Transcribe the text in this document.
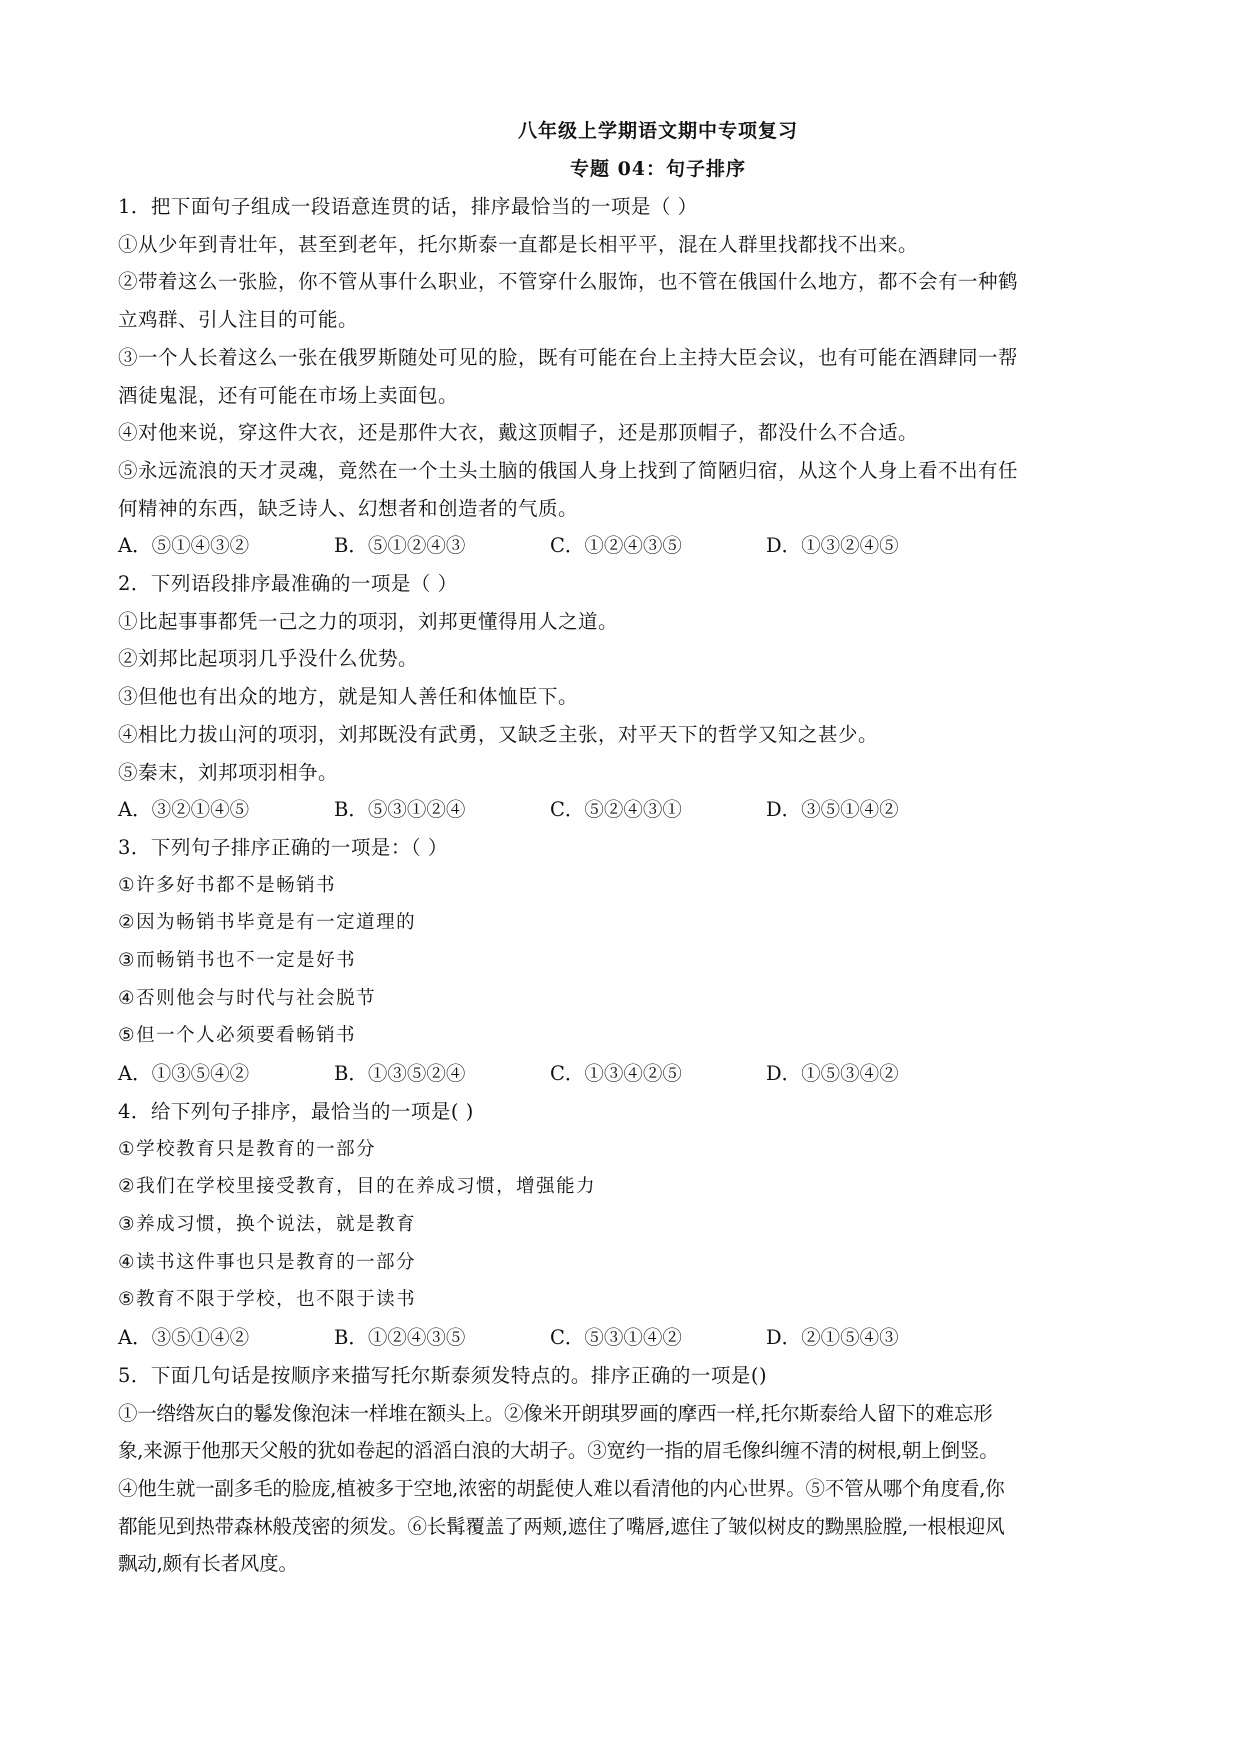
八年级上学期语文期中专项复习
专题 04：句子排序
1．把下面句子组成一段语意连贯的话，排序最恰当的一项是（ ）
①从少年到青壮年，甚至到老年，托尔斯泰一直都是长相平平，混在人群里找都找不出来。
②带着这么一张脸，你不管从事什么职业，不管穿什么服饰，也不管在俄国什么地方，都不会有一种鹤
立鸡群、引人注目的可能。
③一个人长着这么一张在俄罗斯随处可见的脸，既有可能在台上主持大臣会议，也有可能在酒肆同一帮
酒徒鬼混，还有可能在市场上卖面包。
④对他来说，穿这件大衣，还是那件大衣，戴这顶帽子，还是那顶帽子，都没什么不合适。
⑤永远流浪的天才灵魂，竟然在一个土头土脑的俄国人身上找到了简陋归宿，从这个人身上看不出有任
何精神的东西，缺乏诗人、幻想者和创造者的气质。
A．⑤①④③②	B．⑤①②④③	C．①②④③⑤	D．①③②④⑤
2．下列语段排序最准确的一项是（ ）
①比起事事都凭一己之力的项羽，刘邦更懂得用人之道。
②刘邦比起项羽几乎没什么优势。
③但他也有出众的地方，就是知人善任和体恤臣下。
④相比力拔山河的项羽，刘邦既没有武勇，又缺乏主张，对平天下的哲学又知之甚少。
⑤秦末，刘邦项羽相争。
A．③②①④⑤	B．⑤③①②④	C．⑤②④③①	D．③⑤①④②
3．下列句子排序正确的一项是：（ ）
①许多好书都不是畅销书
②因为畅销书毕竟是有一定道理的
③而畅销书也不一定是好书
④否则他会与时代与社会脱节
⑤但一个人必须要看畅销书
A．①③⑤④②	B．①③⑤②④	C．①③④②⑤	D．①⑤③④②
4．给下列句子排序，最恰当的一项是( )
①学校教育只是教育的一部分
②我们在学校里接受教育，目的在养成习惯，增强能力
③养成习惯，换个说法，就是教育
④读书这件事也只是教育的一部分
⑤教育不限于学校，也不限于读书
A．③⑤①④②	B．①②④③⑤	C．⑤③①④②	D．②①⑤④③
5．下面几句话是按顺序来描写托尔斯泰须发特点的。排序正确的一项是()
①一绺绺灰白的鬈发像泡沫一样堆在额头上。②像米开朗琪罗画的摩西一样,托尔斯泰给人留下的难忘形
象,来源于他那天父般的犹如卷起的滔滔白浪的大胡子。③宽约一指的眉毛像纠缠不清的树根,朝上倒竖。
④他生就一副多毛的脸庞,植被多于空地,浓密的胡髭使人难以看清他的内心世界。⑤不管从哪个角度看,你
都能见到热带森林般茂密的须发。⑥长髯覆盖了两颊,遮住了嘴唇,遮住了皱似树皮的黝黑脸膛,一根根迎风
飘动,颇有长者风度。
